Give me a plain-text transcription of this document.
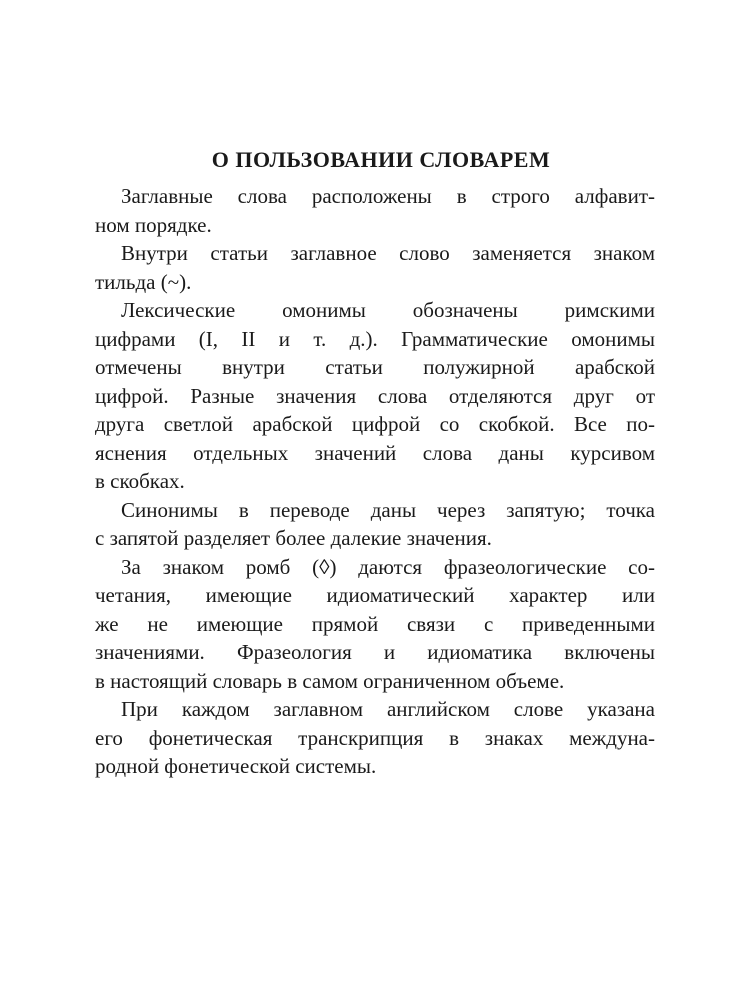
О ПОЛЬЗОВАНИИ СЛОВАРЕМ

Заглавные слова расположены в строго алфавит-
ном порядке.

Внутри статьи заглавное слово заменяется знаком
тильда (~).

Лексические омонимы обозначены римскими
цифрами (I, II и т. д.). Грамматические омонимы
отмечены внутри статьи полужирной арабской
цифрой. Разные значения слова отделяются друг от
друга светлой арабской цифрой со скобкой. Все по-
яснения отдельных значений слова даны курсивом
в скобках.

Синонимы в переводе даны через запятую; точка
с запятой разделяет более далекие значения.

За знаком ромб (◊) даются фразеологические со-
четания, имеющие идиоматический характер или
же не имеющие прямой связи с приведенными
значениями. Фразеология и идиоматика включены
в настоящий словарь в самом ограниченном объеме.

При каждом заглавном английском слове указана
его фонетическая транскрипция в знаках междуна-
родной фонетической системы.
